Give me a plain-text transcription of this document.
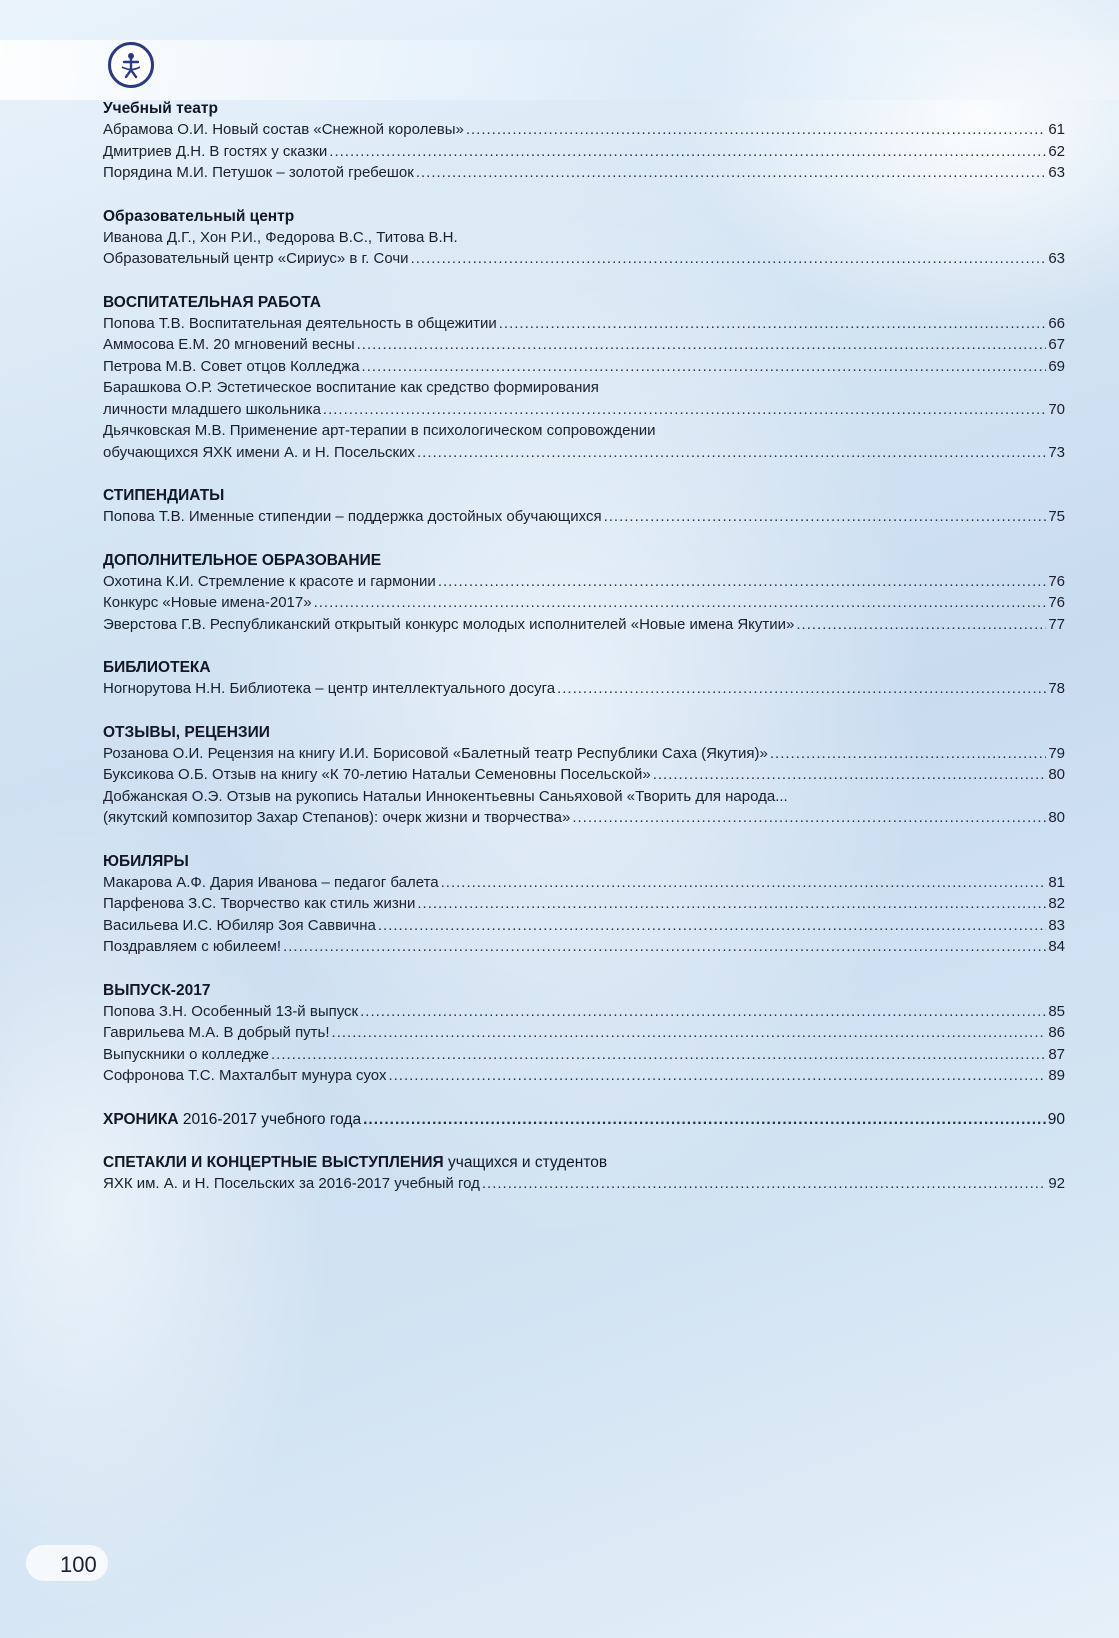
Учебный театр
Абрамова О.И. Новый состав «Снежной королевы» .....	61
Дмитриев Д.Н. В гостях у сказки .....	62
Порядина М.И. Петушок – золотой гребешок .....	63
Образовательный центр
Иванова Д.Г., Хон Р.И., Федорова В.С., Титова В.Н.
Образовательный центр «Сириус» в г. Сочи .....	63
ВОСПИТАТЕЛЬНАЯ РАБОТА
Попова Т.В. Воспитательная деятельность в общежитии .....	66
Аммосова Е.М. 20 мгновений весны .....	67
Петрова М.В. Совет отцов Колледжа .....	69
Барашкова О.Р. Эстетическое воспитание как средство формирования
личности младшего школьника .....	70
Дьячковская М.В. Применение арт-терапии в психологическом сопровождении
обучающихся ЯХК имени А. и Н. Посельских .....	73
СТИПЕНДИАТЫ
Попова Т.В. Именные стипендии – поддержка достойных обучающихся .....	75
ДОПОЛНИТЕЛЬНОЕ ОБРАЗОВАНИЕ
Охотина К.И. Стремление к красоте и гармонии .....	76
Конкурс «Новые имена-2017» .....	76
Эверстова Г.В. Республиканский открытый конкурс молодых исполнителей «Новые имена Якутии» .....	77
БИБЛИОТЕКА
Ногнорутова Н.Н. Библиотека – центр интеллектуального досуга .....	78
ОТЗЫВЫ, РЕЦЕНЗИИ
Розанова О.И. Рецензия на книгу И.И. Борисовой «Балетный театр Республики Саха (Якутия)» .....	79
Буксикова О.Б. Отзыв на книгу «К 70-летию Натальи Семеновны Посельской» .....	80
Добжанская О.Э. Отзыв на рукопись Натальи Иннокентьевны Саньяховой «Творить для народа...
(якутский композитор Захар Степанов): очерк жизни и творчества» .....	80
ЮБИЛЯРЫ
Макарова А.Ф. Дария Иванова – педагог балета .....	81
Парфенова З.С. Творчество как стиль жизни .....	82
Васильева И.С. Юбиляр Зоя Саввична .....	83
Поздравляем с юбилеем! .....	84
ВЫПУСК-2017
Попова З.Н. Особенный 13-й выпуск .....	85
Гаврильева М.А. В добрый путь! .....	86
Выпускники о колледже .....	87
Софронова Т.С. Махталбыт мунура суох .....	89
ХРОНИКА 2016-2017 учебного года .....	90
СПЕТАКЛИ И КОНЦЕРТНЫЕ ВЫСТУПЛЕНИЯ учащихся и студентов
ЯХК им. А. и Н. Посельских за 2016-2017 учебный год .....	92
100
